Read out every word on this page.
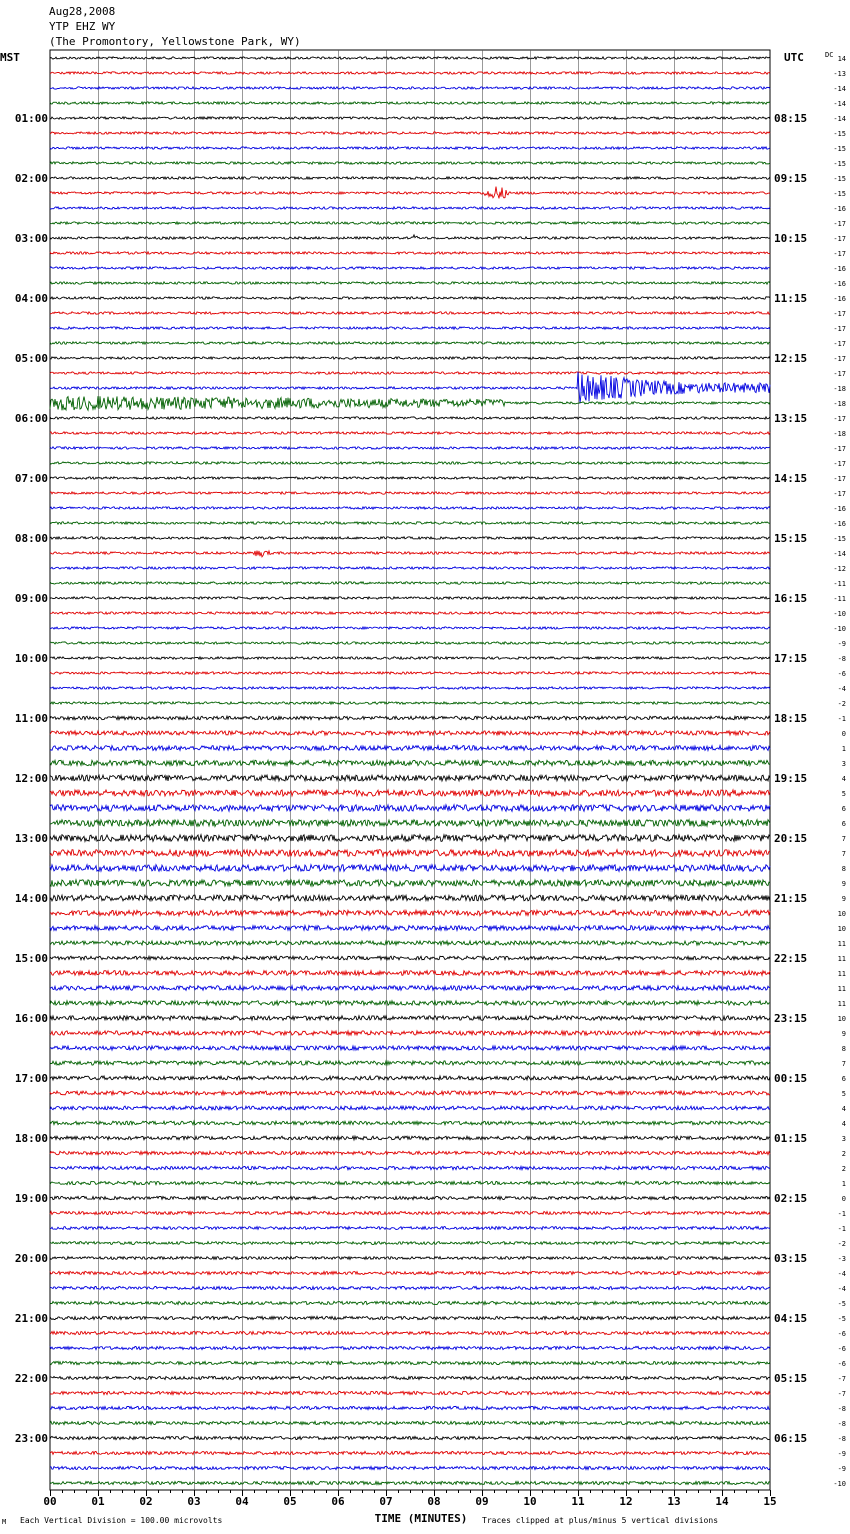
Aug28,2008
YTP EHZ WY
(The Promontory, Yellowstone Park, WY)
00	01	02	03	04	05	06	07	08	09	10	11	12	13	14	15
TIME (MINUTES)
Each Vertical Division = 100.00 microvolts	Traces clipped at plus/minus 5 vertical divisions
M
MST	UTC	DC
01:00
02:00
03:00
04:00
05:00
06:00
07:00
08:00
09:00
10:00
11:00
12:00
13:00
14:00
15:00
16:00
17:00
18:00
19:00
20:00
21:00
22:00
23:00
08:15
09:15
10:15
11:15
12:15
13:15
14:15
15:15
16:15
17:15
18:15
19:15
20:15
21:15
22:15
23:15
00:15
01:15
02:15
03:15
04:15
05:15
06:15
14
-13
-14
-14
-14
-15
-15
-15
-15
-15
-16
-17
-17
-17
-16
-16
-16
-17
-17
-17
-17
-17
-18
-18
-17
-18
-17
-17
-17
-17
-16
-16
-15
-14
-12
-11
-11
-10
-10
-9
-8
-6
-4
-2
-1
0
1
3
4
5
6
6
7
7
8
9
9
10
10
11
11
11
11
11
10
9
8
7
6
5
4
4
3
2
2
1
0
-1
-1
-2
-3
-4
-4
-5
-5
-6
-6
-6
-7
-7
-8
-8
-8
-9
-9
-10
